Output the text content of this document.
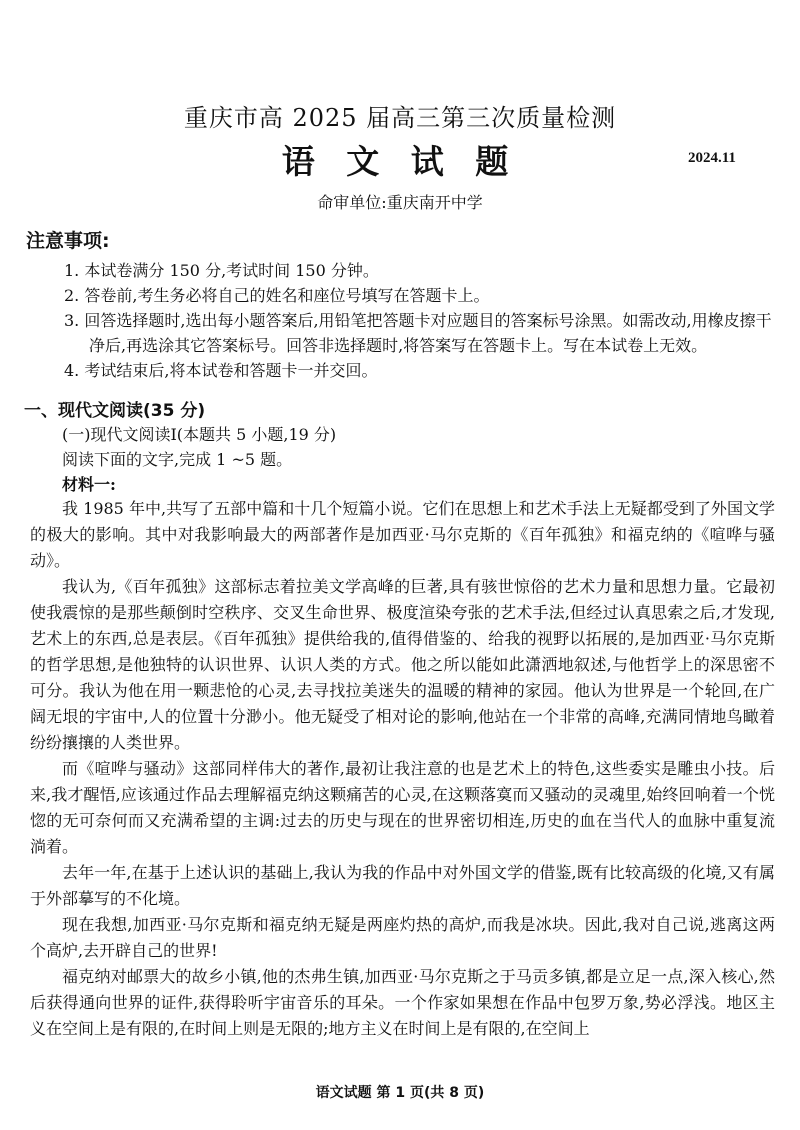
重庆市高 2025 届高三第三次质量检测
语 文 试 题	2024.11
命审单位:重庆南开中学
注意事项:

1. 本试卷满分 150 分,考试时间 150 分钟。

2. 答卷前,考生务必将自己的姓名和座位号填写在答题卡上。

3. 回答选择题时,选出每小题答案后,用铅笔把答题卡对应题目的答案标号涂黑。如需改动,用橡皮擦干净后,再选涂其它答案标号。回答非选择题时,将答案写在答题卡上。写在本试卷上无效。

4. 考试结束后,将本试卷和答题卡一并交回。

一、现代文阅读(35 分)
(一)现代文阅读Ⅰ(本题共 5 小题,19 分)
阅读下面的文字,完成 1 ~5 题。
材料一:

我 1985 年中,共写了五部中篇和十几个短篇小说。它们在思想上和艺术手法上无疑都受到了外国文学的极大的影响。其中对我影响最大的两部著作是加西亚·马尔克斯的《百年孤独》和福克纳的《喧哗与骚动》。

我认为,《百年孤独》这部标志着拉美文学高峰的巨著,具有骇世惊俗的艺术力量和思想力量。它最初使我震惊的是那些颠倒时空秩序、交叉生命世界、极度渲染夸张的艺术手法,但经过认真思索之后,才发现,艺术上的东西,总是表层。《百年孤独》提供给我的,值得借鉴的、给我的视野以拓展的,是加西亚·马尔克斯的哲学思想,是他独特的认识世界、认识人类的方式。他之所以能如此潇洒地叙述,与他哲学上的深思密不可分。我认为他在用一颗悲怆的心灵,去寻找拉美迷失的温暖的精神的家园。他认为世界是一个轮回,在广阔无垠的宇宙中,人的位置十分渺小。他无疑受了相对论的影响,他站在一个非常的高峰,充满同情地鸟瞰着纷纷攘攘的人类世界。

而《喧哗与骚动》这部同样伟大的著作,最初让我注意的也是艺术上的特色,这些委实是雕虫小技。后来,我才醒悟,应该通过作品去理解福克纳这颗痛苦的心灵,在这颗落寞而又骚动的灵魂里,始终回响着一个恍惚的无可奈何而又充满希望的主调:过去的历史与现在的世界密切相连,历史的血在当代人的血脉中重复流淌着。

去年一年,在基于上述认识的基础上,我认为我的作品中对外国文学的借鉴,既有比较高级的化境,又有属于外部摹写的不化境。

现在我想,加西亚·马尔克斯和福克纳无疑是两座灼热的高炉,而我是冰块。因此,我对自己说,逃离这两个高炉,去开辟自己的世界!

福克纳对邮票大的故乡小镇,他的杰弗生镇,加西亚·马尔克斯之于马贡多镇,都是立足一点,深入核心,然后获得通向世界的证件,获得聆听宇宙音乐的耳朵。一个作家如果想在作品中包罗万象,势必浮浅。地区主义在空间上是有限的,在时间上则是无限的;地方主义在时间上是有限的,在空间上

语文试题 第 1 页(共 8 页)
